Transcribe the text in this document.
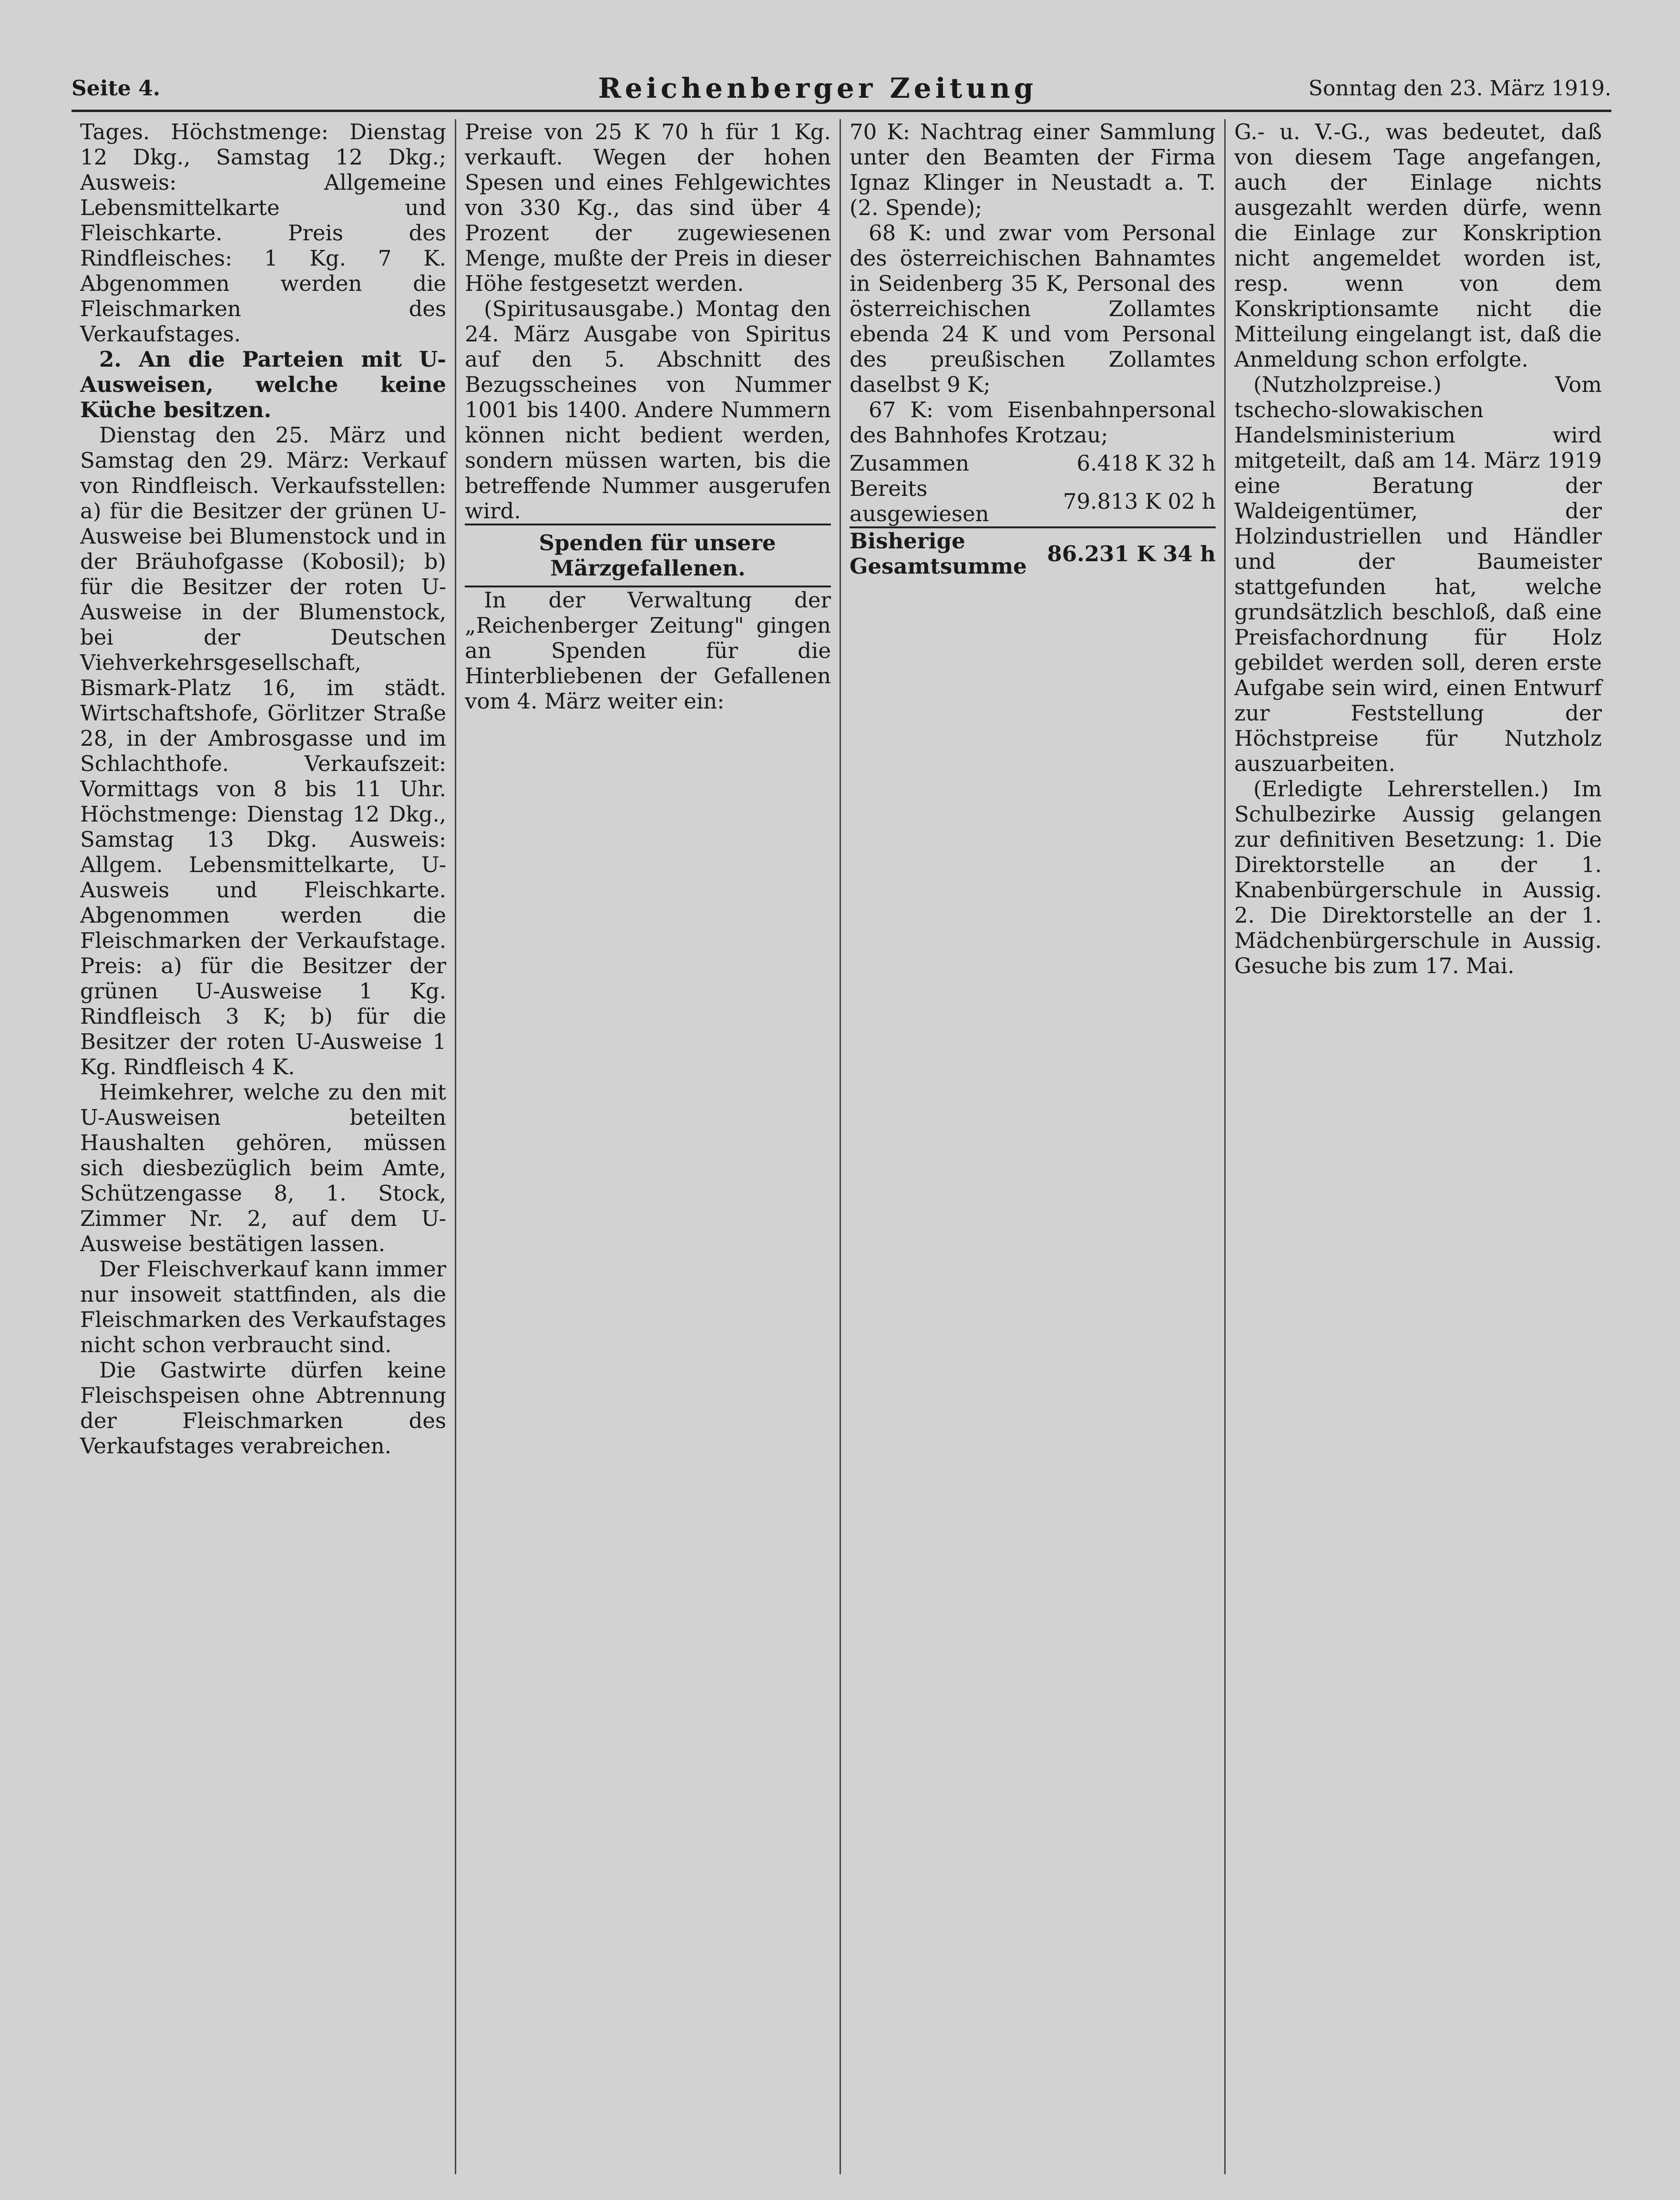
Seite 4.	Reichenberger Zeitung	Sonntag den 23. März 1919.

Tages. Höchstmenge: Dienstag 12 Dkg., Samstag 12 Dkg.; Ausweis: Allgemeine Lebensmittelkarte und Fleischkarte. Preis des Rindfleisches: 1 Kg. 7 K. Abgenommen werden die Fleischmarken des Verkaufstages.

2. An die Parteien mit U-Ausweisen, welche keine Küche besitzen.

Dienstag den 25. März und Samstag den 29. März: Verkauf von Rindfleisch. Verkaufsstellen: a) für die Besitzer der grünen U-Ausweise bei Blumenstock und in der Bräuhofgasse (Kobosil); b) für die Besitzer der roten U-Ausweise in der Blumenstock, bei der Deutschen Viehverkehrsgesellschaft, Bismark-Platz 16, im städt. Wirtschaftshofe, Görlitzer Straße 28, in der Ambrosgasse und im Schlachthofe. Verkaufszeit: Vormittags von 8 bis 11 Uhr. Höchstmenge: Dienstag 12 Dkg., Samstag 13 Dkg. Ausweis: Allgem. Lebensmittelkarte, U-Ausweis und Fleischkarte. Abgenommen werden die Fleischmarken der Verkaufstage. Preis: a) für die Besitzer der grünen U-Ausweise 1 Kg. Rindfleisch 3 K; b) für die Besitzer der roten U-Ausweise 1 Kg. Rindfleisch 4 K.

Heimkehrer, welche zu den mit U-Ausweisen beteilten Haushalten gehören, müssen sich diesbezüglich beim Amte, Schützengasse 8, 1. Stock, Zimmer Nr. 2, auf dem U-Ausweise bestätigen lassen.

Der Fleischverkauf kann immer nur insoweit stattfinden, als die Fleischmarken des Verkaufstages nicht schon verbraucht sind.

Die Gastwirte dürfen keine Fleischspeisen ohne Abtrennung der Fleischmarken des Verkaufstages verabreichen.

Preise von 25 K 70 h für 1 Kg. verkauft. Wegen der hohen Spesen und eines Fehlgewichtes von 330 Kg., das sind über 4 Prozent der zugewiesenen Menge, mußte der Preis in dieser Höhe festgesetzt werden.

(Spiritusausgabe.) Montag den 24. März Ausgabe von Spiritus auf den 5. Abschnitt des Bezugsscheines von Nummer 1001 bis 1400. Andere Nummern können nicht bedient werden, sondern müssen warten, bis die betreffende Nummer ausgerufen wird.

Spenden für unsere Märzgefallenen.

In der Verwaltung der „Reichenberger Zeitung" gingen an Spenden für die Hinterbliebenen der Gefallenen vom 4. März weiter ein:

70 K: Nachtrag einer Sammlung unter den Beamten der Firma Ignaz Klinger in Neustadt a. T. (2. Spende);

68 K: und zwar vom Personal des österreichischen Bahnamtes in Seidenberg 35 K, Personal des österreichischen Zollamtes ebenda 24 K und vom Personal des preußischen Zollamtes daselbst 9 K;

67 K: vom Eisenbahnpersonal des Bahnhofes Krotzau;

Zusammen	6.418 K 32 h
Bereits ausgewiesen	79.813 K 02 h
Bisherige Gesamtsumme	86.231 K 34 h

G.- u. V.-G., was bedeutet, daß von diesem Tage angefangen, auch der Einlage nichts ausgezahlt werden dürfe, wenn die Einlage zur Konskription nicht angemeldet worden ist, resp. wenn von dem Konskriptionsamte nicht die Mitteilung eingelangt ist, daß die Anmeldung schon erfolgte.

(Nutzholzpreise.) Vom tschecho-slowakischen Handelsministerium wird mitgeteilt, daß am 14. März 1919 eine Beratung der Waldeigentümer, der Holzindustriellen und Händler und der Baumeister stattgefunden hat, welche grundsätzlich beschloß, daß eine Preisfachordnung für Holz gebildet werden soll, deren erste Aufgabe sein wird, einen Entwurf zur Feststellung der Höchstpreise für Nutzholz auszuarbeiten.

(Erledigte Lehrerstellen.) Im Schulbezirke Aussig gelangen zur definitiven Besetzung: 1. Die Direktorstelle an der 1. Knabenbürgerschule in Aussig. 2. Die Direktorstelle an der 1. Mädchenbürgerschule in Aussig. Gesuche bis zum 17. Mai.
